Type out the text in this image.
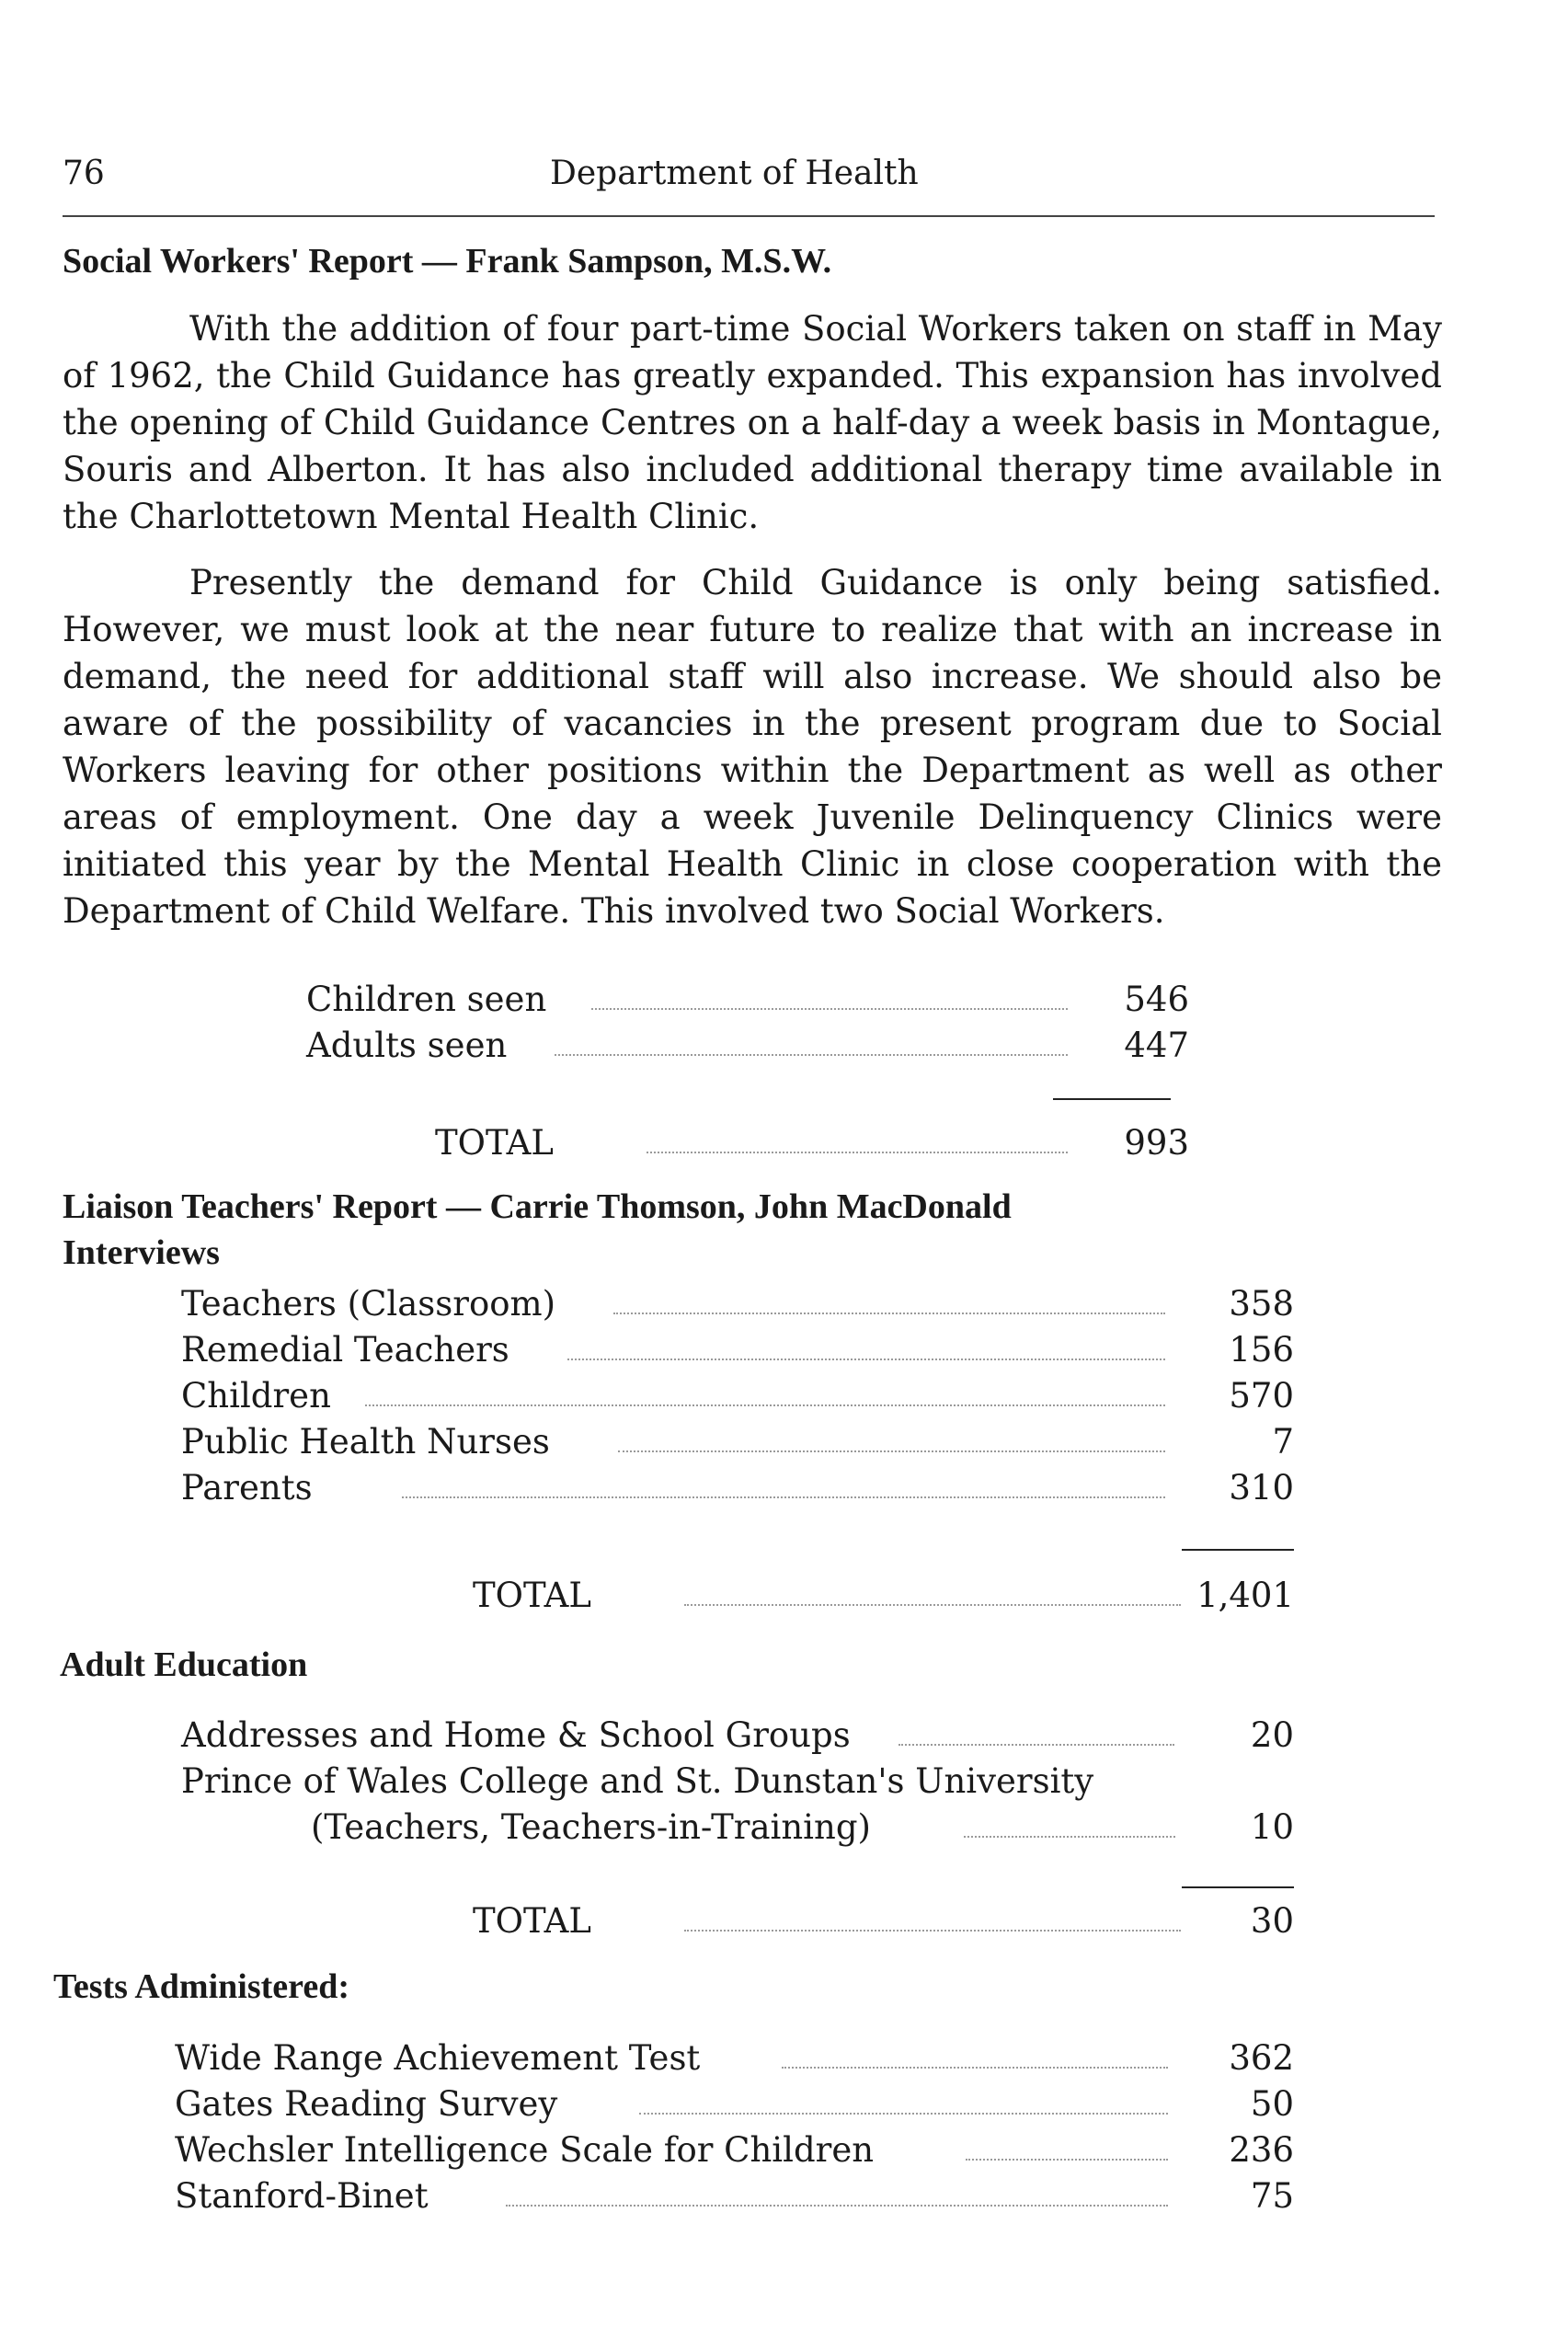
76	Department of Health
Social Workers' Report — Frank Sampson, M.S.W.

With the addition of four part-time Social Workers taken on staff in May of 1962, the Child Guidance has greatly expanded. This expansion has involved the opening of Child Guidance Centres on a half-day a week basis in Montague, Souris and Alberton. It has also included additional therapy time available in the Charlottetown Mental Health Clinic.

Presently the demand for Child Guidance is only being satisfied. However, we must look at the near future to realize that with an increase in demand, the need for additional staff will also increase. We should also be aware of the possibility of vacancies in the present program due to Social Workers leaving for other positions within the Department as well as other areas of employment. One day a week Juvenile Delinquency Clinics were initiated this year by the Mental Health Clinic in close cooperation with the Department of Child Welfare. This involved two Social Workers.

Children seen	546
Adults seen	447
TOTAL	993
Liaison Teachers' Report — Carrie Thomson, John MacDonald
Interviews
Teachers (Classroom)	358
Remedial Teachers	156
Children	570
Public Health Nurses	7
Parents	310
TOTAL	1,401
Adult Education
Addresses and Home & School Groups	20
Prince of Wales College and St. Dunstan's University
(Teachers, Teachers-in-Training)	10
TOTAL	30
Tests Administered:
Wide Range Achievement Test	362
Gates Reading Survey	50
Wechsler Intelligence Scale for Children	236
Stanford-Binet	75
